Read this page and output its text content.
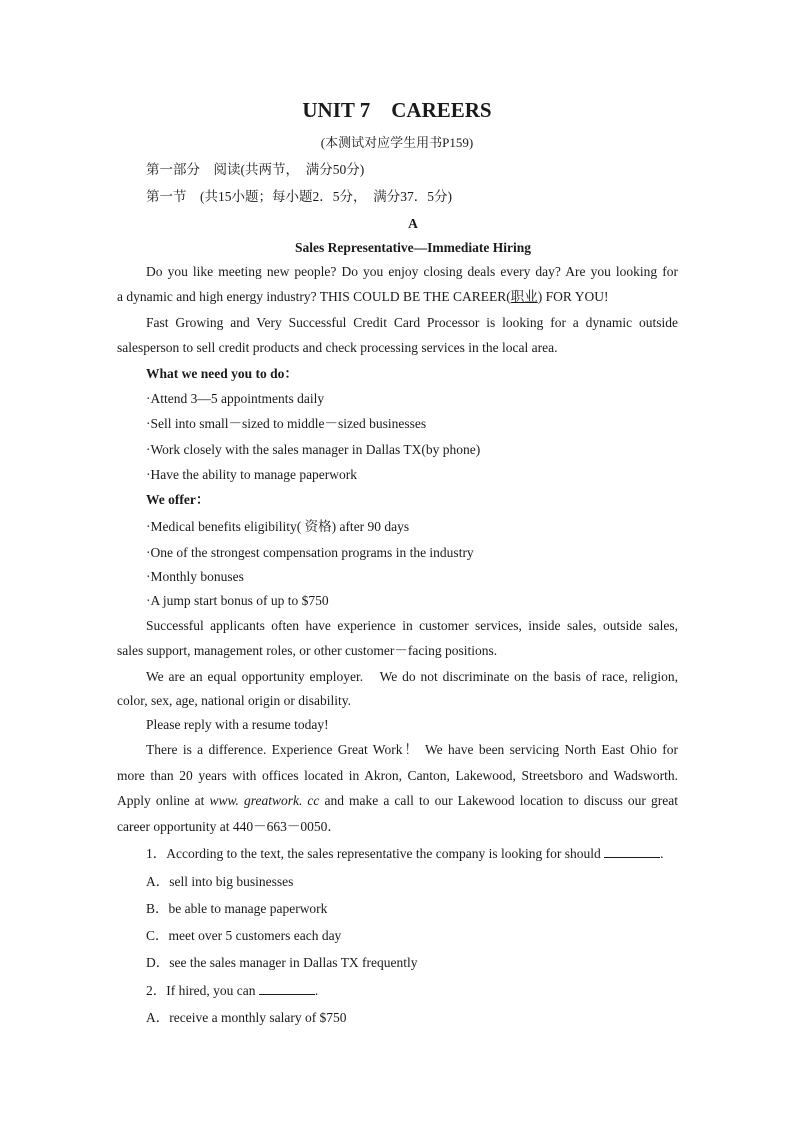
UNIT 7　CAREERS
(本测试对应学生用书P159)
第一部分　阅读(共两节，　满分50分)
第一节　(共15小题；每小题2．5分，　满分37．5分)
A
Sales Representative—Immediate Hiring
Do you like meeting new people? Do you enjoy closing deals every day? Are you looking for
a dynamic and high energy industry? THIS COULD BE THE CAREER(职业) FOR YOU!
Fast Growing and Very Successful Credit Card Processor is looking for a dynamic outside
salesperson to sell credit products and check processing services in the local area.
What we need you to do：
·Attend 3—5 appointments daily
·Sell into small－sized to middle－sized businesses
·Work closely with the sales manager in Dallas TX(by phone)
·Have the ability to manage paperwork
We offer：
·Medical benefits eligibility( 资格) after 90 days
·One of the strongest compensation programs in the industry
·Monthly bonuses
·A jump start bonus of up to $750
Successful applicants often have experience in customer services, inside sales, outside sales,
sales support, management roles, or other customer－facing positions.
We are an equal opportunity employer.　We do not discriminate on the basis of race, religion,
color, sex, age, national origin or disability.
Please reply with a resume today!
There is a difference. Experience Great Work！ We have been servicing North East Ohio for
more than 20 years with offices located in Akron, Canton, Lakewood, Streetsboro and Wadsworth.
Apply online at www. greatwork. cc and make a call to our Lakewood location to discuss our great
career opportunity at 440－663－0050．
1．According to the text, the sales representative the company is looking for should	.
A．sell into big businesses
B．be able to manage paperwork
C．meet over 5 customers each day
D．see the sales manager in Dallas TX frequently
2．If hired, you can	.
A．receive a monthly salary of $750
